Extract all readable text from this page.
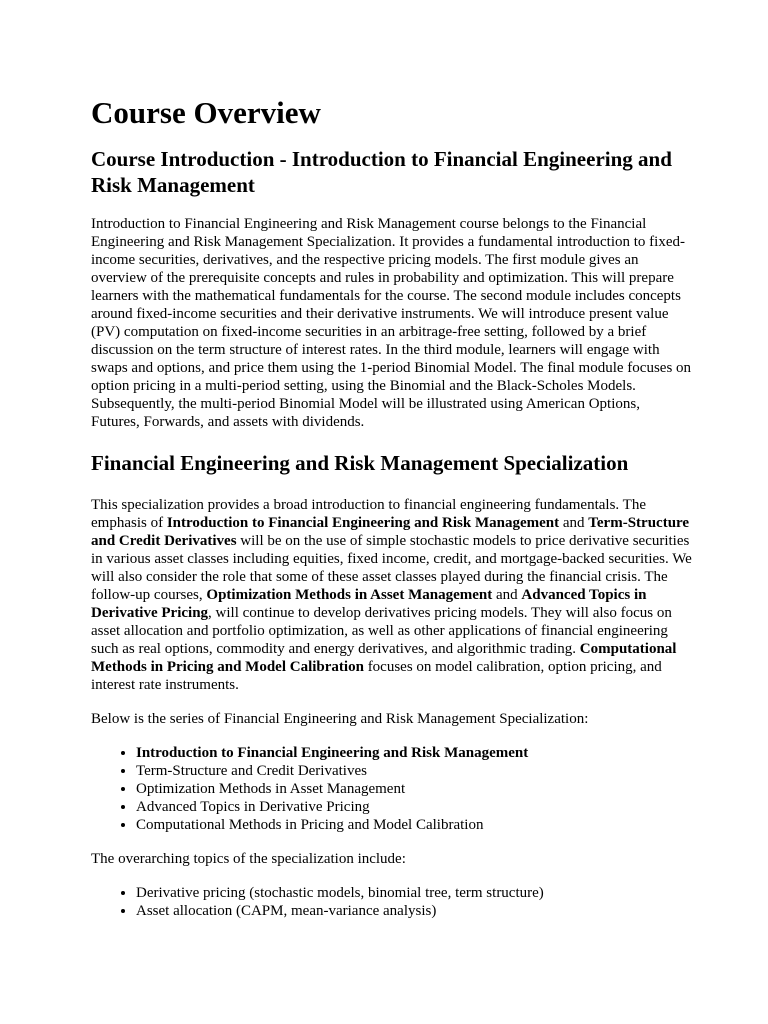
Course Overview
Course Introduction - Introduction to Financial Engineering and Risk Management

Introduction to Financial Engineering and Risk Management course belongs to the Financial Engineering and Risk Management Specialization. It provides a fundamental introduction to fixed-income securities, derivatives, and the respective pricing models. The first module gives an overview of the prerequisite concepts and rules in probability and optimization. This will prepare learners with the mathematical fundamentals for the course. The second module includes concepts around fixed-income securities and their derivative instruments. We will introduce present value (PV) computation on fixed-income securities in an arbitrage-free setting, followed by a brief discussion on the term structure of interest rates. In the third module, learners will engage with swaps and options, and price them using the 1-period Binomial Model. The final module focuses on option pricing in a multi-period setting, using the Binomial and the Black-Scholes Models. Subsequently, the multi-period Binomial Model will be illustrated using American Options, Futures, Forwards, and assets with dividends.

Financial Engineering and Risk Management Specialization

This specialization provides a broad introduction to financial engineering fundamentals. The emphasis of Introduction to Financial Engineering and Risk Management and Term-Structure and Credit Derivatives will be on the use of simple stochastic models to price derivative securities in various asset classes including equities, fixed income, credit, and mortgage-backed securities. We will also consider the role that some of these asset classes played during the financial crisis. The follow-up courses, Optimization Methods in Asset Management and Advanced Topics in Derivative Pricing, will continue to develop derivatives pricing models. They will also focus on asset allocation and portfolio optimization, as well as other applications of financial engineering such as real options, commodity and energy derivatives, and algorithmic trading. Computational Methods in Pricing and Model Calibration focuses on model calibration, option pricing, and interest rate instruments.

Below is the series of Financial Engineering and Risk Management Specialization:

• Introduction to Financial Engineering and Risk Management
• Term-Structure and Credit Derivatives
• Optimization Methods in Asset Management
• Advanced Topics in Derivative Pricing
• Computational Methods in Pricing and Model Calibration

The overarching topics of the specialization include:

• Derivative pricing (stochastic models, binomial tree, term structure)
• Asset allocation (CAPM, mean-variance analysis)
